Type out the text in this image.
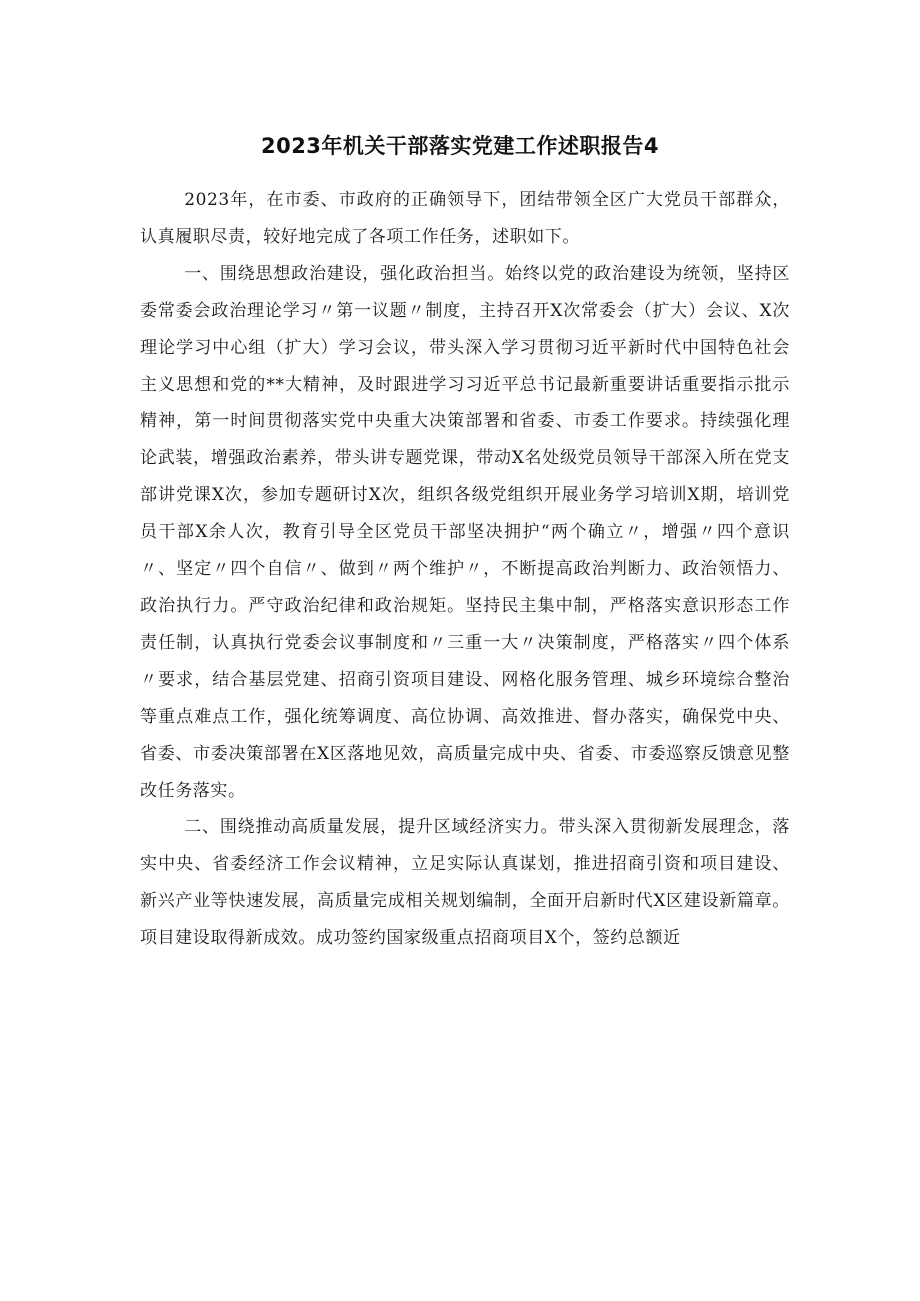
2023年机关干部落实党建工作述职报告4

2023年，在市委、市政府的正确领导下，团结带领全区广大党员干部群众，认真履职尽责，较好地完成了各项工作任务，述职如下。

一、围绕思想政治建设，强化政治担当。始终以党的政治建设为统领，坚持区委常委会政治理论学习〃第一议题〃制度，主持召开X次常委会（扩大）会议、X次理论学习中心组（扩大）学习会议，带头深入学习贯彻习近平新时代中国特色社会主义思想和党的**大精神，及时跟进学习习近平总书记最新重要讲话重要指示批示精神，第一时间贯彻落实党中央重大决策部署和省委、市委工作要求。持续强化理论武装，增强政治素养，带头讲专题党课，带动X名处级党员领导干部深入所在党支部讲党课X次，参加专题研讨X次，组织各级党组织开展业务学习培训X期，培训党员干部X余人次，教育引导全区党员干部坚决拥护“两个确立〃，增强〃四个意识〃、坚定〃四个自信〃、做到〃两个维护〃，不断提高政治判断力、政治领悟力、政治执行力。严守政治纪律和政治规矩。坚持民主集中制，严格落实意识形态工作责任制，认真执行党委会议事制度和〃三重一大〃决策制度，严格落实〃四个体系〃要求，结合基层党建、招商引资项目建设、网格化服务管理、城乡环境综合整治等重点难点工作，强化统筹调度、高位协调、高效推进、督办落实，确保党中央、省委、市委决策部署在X区落地见效，高质量完成中央、省委、市委巡察反馈意见整改任务落实。

二、围绕推动高质量发展，提升区域经济实力。带头深入贯彻新发展理念，落实中央、省委经济工作会议精神，立足实际认真谋划，推进招商引资和项目建设、新兴产业等快速发展，高质量完成相关规划编制，全面开启新时代X区建设新篇章。项目建设取得新成效。成功签约国家级重点招商项目X个，签约总额近
